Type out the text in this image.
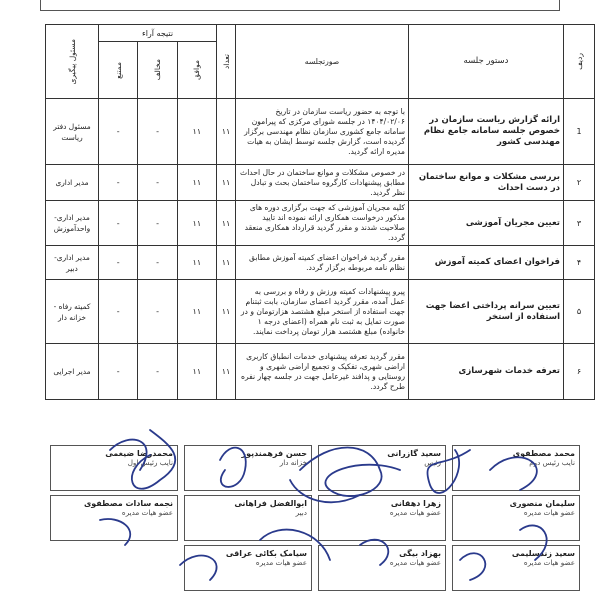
ردیف	دستور جلسه	صورتجلسه	تعداد	نتیجه آراء			مسئول پیگیری

				موافق	مخالف	ممتنع	

1	ارائه گزارش ریاست سازمان در خصوص جلسه سامانه جامع نظام مهندسی کشور	با توجه به حضور ریاست سازمان در تاریخ ۱۴۰۴/۰۲/۰۶ در جلسه شورای مرکزی که پیرامون سامانه جامع کشوری سازمان نظام مهندسی برگزار گردیده است، گزارش جلسه توسط ایشان به هیات مدیره ارائه گردید.	۱۱	۱۱	-	-	مسئول دفتر ریاست
۲	بررسی مشکلات و موانع ساختمان در دست احداث	در خصوص مشکلات و موانع ساختمان در حال احداث مطابق پیشنهادات کارگروه ساختمان بحث و تبادل نظر گردید.	۱۱	۱۱	-	-	مدیر اداری
۳	تعیین مجریان آموزشی	کلیه مجریان آموزشی که جهت برگزاری دوره های مذکور درخواست همکاری ارائه نموده اند تایید صلاحیت شدند و مقرر گردید قرارداد همکاری منعقد گردد.	۱۱	۱۱	-	-	مدیر اداری-واحدآموزش
۴	فراخوان اعضای کمیته آموزش	مقرر گردید فراخوان اعضای کمیته آموزش مطابق نظام نامه مربوطه برگزار گردد.	۱۱	۱۱	-	-	مدیر اداری- دبیر
۵	تعیین سرانه پرداختی اعضا جهت استفاده از استخر	پیرو پیشنهادات کمیته ورزش و رفاه و بررسی به عمل آمده، مقرر گردید اعضای سازمان، بابت ثبتنام جهت استفاده از استخر مبلغ هشتصد هزارتومان و در صورت تمایل به ثبت نام همراه (اعضای درجه ۱ خانواده) مبلغ هشتصد هزار تومان پرداخت نمایند.	۱۱	۱۱	-	-	کمیته رفاه - خزانه دار
۶	تعرفه خدمات شهرسازی	مقرر گردید تعرفه پیشنهادی خدمات انطباق کاربری اراضی شهری، تفکیک و تجمیع اراضی شهری و روستایی و پدافند غیرعامل جهت در جلسه چهار نفره طرح گردد.	۱۱	۱۱	-	-	مدیر اجرایی
محمد مصطفوی
نایب رئیس دوم
سعید گازرانی
رئیس
حسن فرهمندپور
خزانه دار
محمدرضا ضیغمی
نایب رئیس اول
سلیمان منصوری
عضو هیات مدیره
زهرا دهقانی
عضو هیات مدیره
ابوالفضل فراهانی
دبیر
نجمه سادات مصطفوی
عضو هیات مدیره
سعید زندسلیمی
عضو هیات مدیره
بهزاد بیگی
عضو هیات مدیره
سیامک بکائی عراقی
عضو هیات مدیره
